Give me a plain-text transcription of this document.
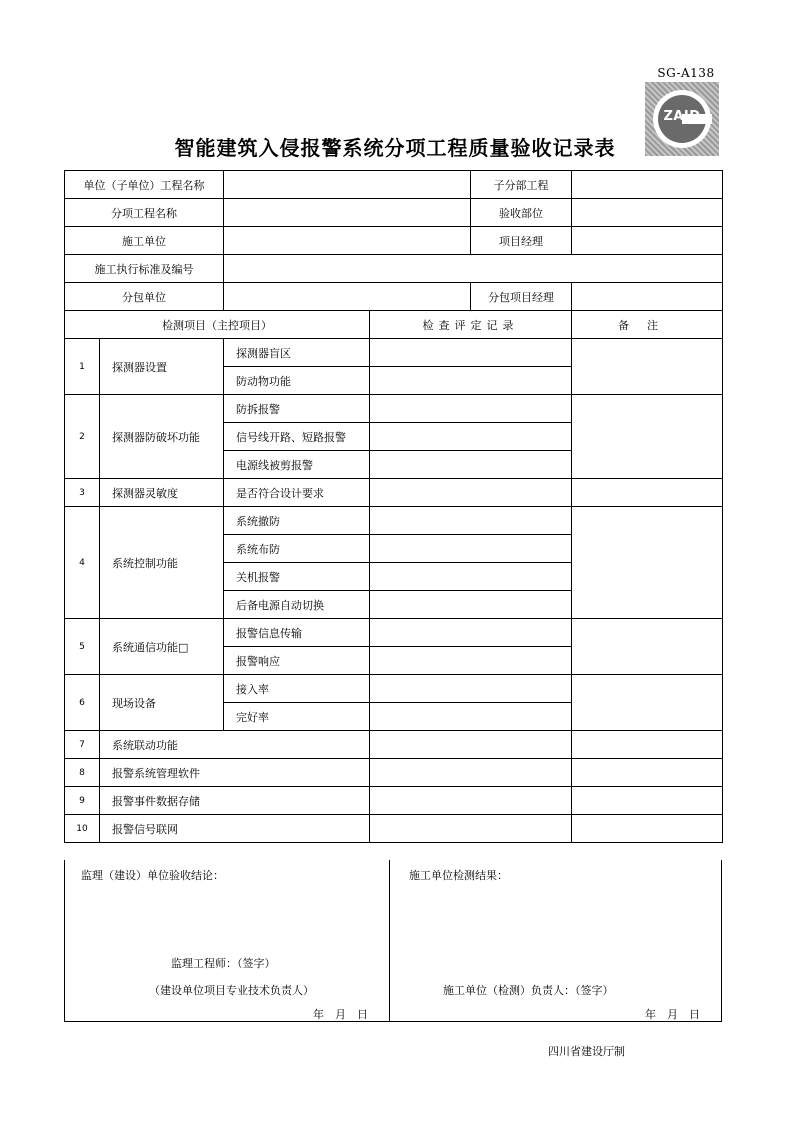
SG-A138
ZAJD
智能建筑入侵报警系统分项工程质量验收记录表
单位（子单位）工程名称				子分部工程	
分项工程名称				验收部位	
施工单位				项目经理	
施工执行标准及编号					
分包单位				分包项目经理	
检测项目（主控项目）			检查评定记录		备注
1	探测器设置	探测器盲区			
		防动物功能			
2	探测器防破坏功能	防拆报警			
		信号线开路、短路报警			
		电源线被剪报警			
3	探测器灵敏度	是否符合设计要求			
4	系统控制功能	系统撤防			
		系统布防			
		关机报警			
		后备电源自动切换			
5	系统通信功能□	报警信息传输			
		报警响应			
6	现场设备	接入率			
		完好率			
7	系统联动功能				
8	报警系统管理软件				
9	报警事件数据存储				
10	报警信号联网				
监理（建设）单位验收结论：
监理工程师：（签字）
（建设单位项目专业技术负责人）
年　月　日
施工单位检测结果：
施工单位（检测）负责人：（签字）
年　月　日
四川省建设厅制
